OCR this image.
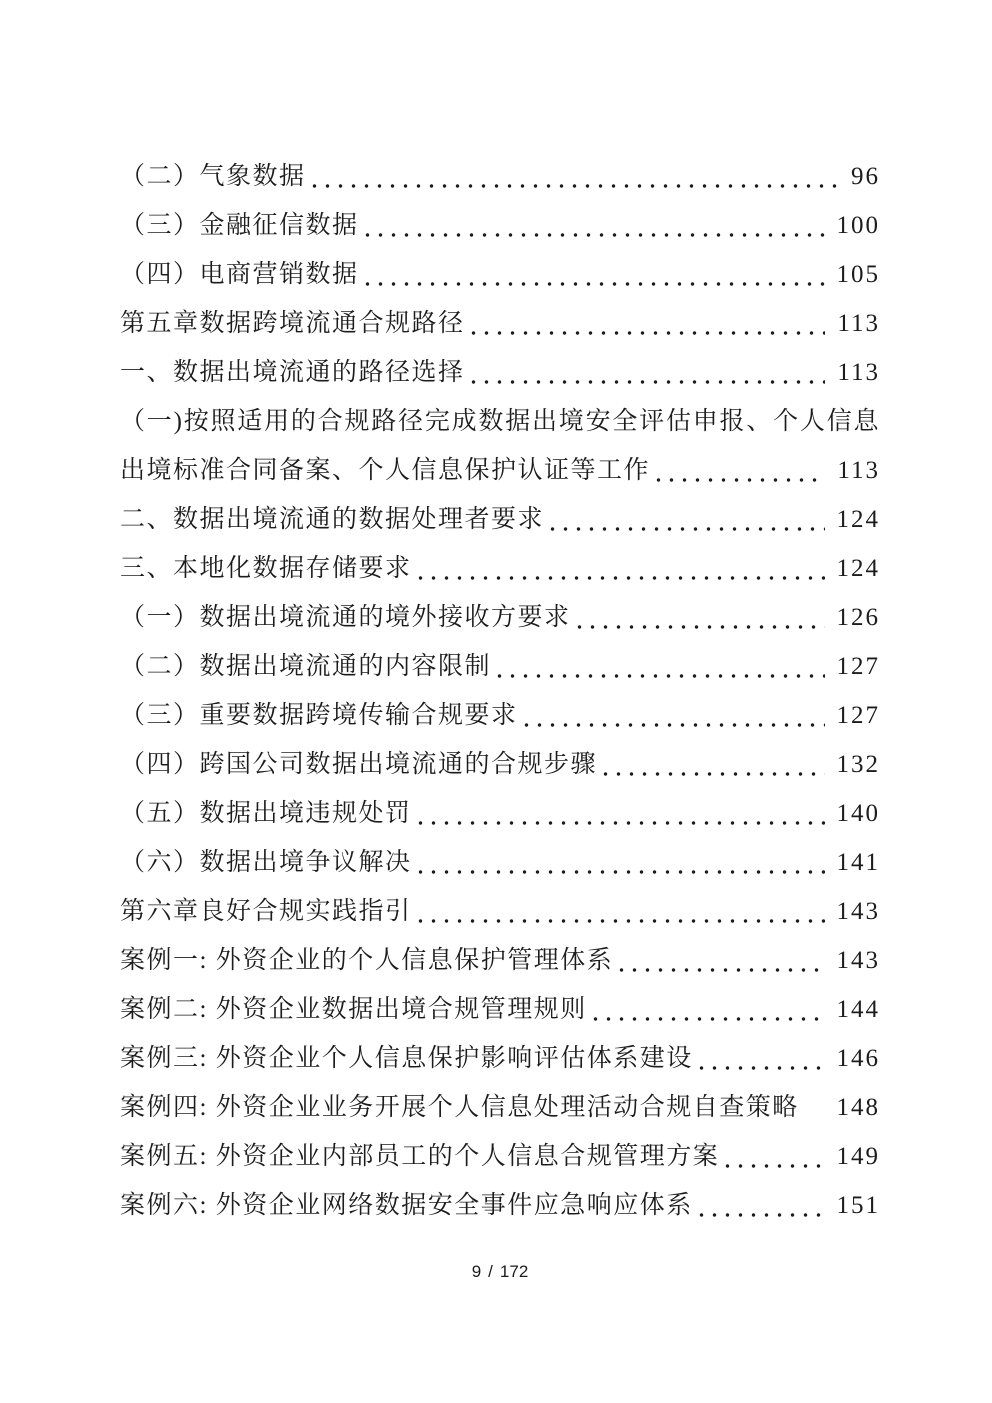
（二）气象数据	96
（三）金融征信数据	100
（四）电商营销数据	105
第五章数据跨境流通合规路径	113
一、数据出境流通的路径选择	113
（一)按照适用的合规路径完成数据出境安全评估申报、个人信息
出境标准合同备案、个人信息保护认证等工作	113
二、数据出境流通的数据处理者要求	124
三、本地化数据存储要求	124
（一）数据出境流通的境外接收方要求	126
（二）数据出境流通的内容限制	127
（三）重要数据跨境传输合规要求	127
（四）跨国公司数据出境流通的合规步骤	132
（五）数据出境违规处罚	140
（六）数据出境争议解决	141
第六章良好合规实践指引	143
案例一: 外资企业的个人信息保护管理体系	143
案例二: 外资企业数据出境合规管理规则	144
案例三: 外资企业个人信息保护影响评估体系建设	146
案例四: 外资企业业务开展个人信息处理活动合规自查策略 148
案例五: 外资企业内部员工的个人信息合规管理方案	149
案例六: 外资企业网络数据安全事件应急响应体系	151
9 / 172
